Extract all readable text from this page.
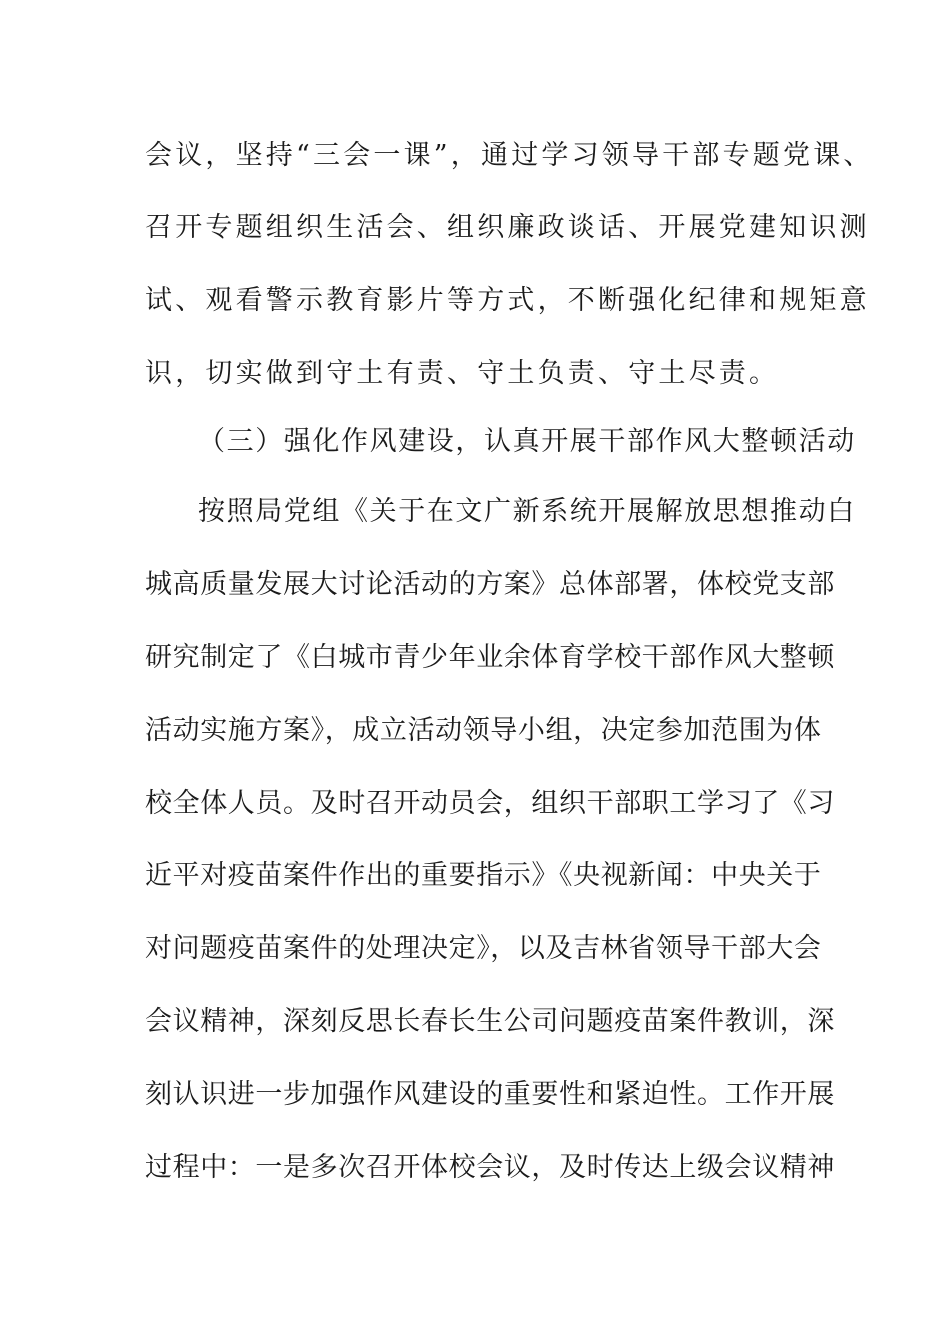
会议，坚持“三会一课”，通过学习领导干部专题党课、
召开专题组织生活会、组织廉政谈话、开展党建知识测
试、观看警示教育影片等方式，不断强化纪律和规矩意
识，切实做到守土有责、守土负责、守土尽责。
（三）强化作风建设，认真开展干部作风大整顿活动
按照局党组《关于在文广新系统开展解放思想推动白
城高质量发展大讨论活动的方案》总体部署，体校党支部
研究制定了《白城市青少年业余体育学校干部作风大整顿
活动实施方案》，成立活动领导小组，决定参加范围为体
校全体人员。及时召开动员会，组织干部职工学习了《习
近平对疫苗案件作出的重要指示》《央视新闻：中央关于
对问题疫苗案件的处理决定》，以及吉林省领导干部大会
会议精神，深刻反思长春长生公司问题疫苗案件教训，深
刻认识进一步加强作风建设的重要性和紧迫性。工作开展
过程中：一是多次召开体校会议，及时传达上级会议精神
